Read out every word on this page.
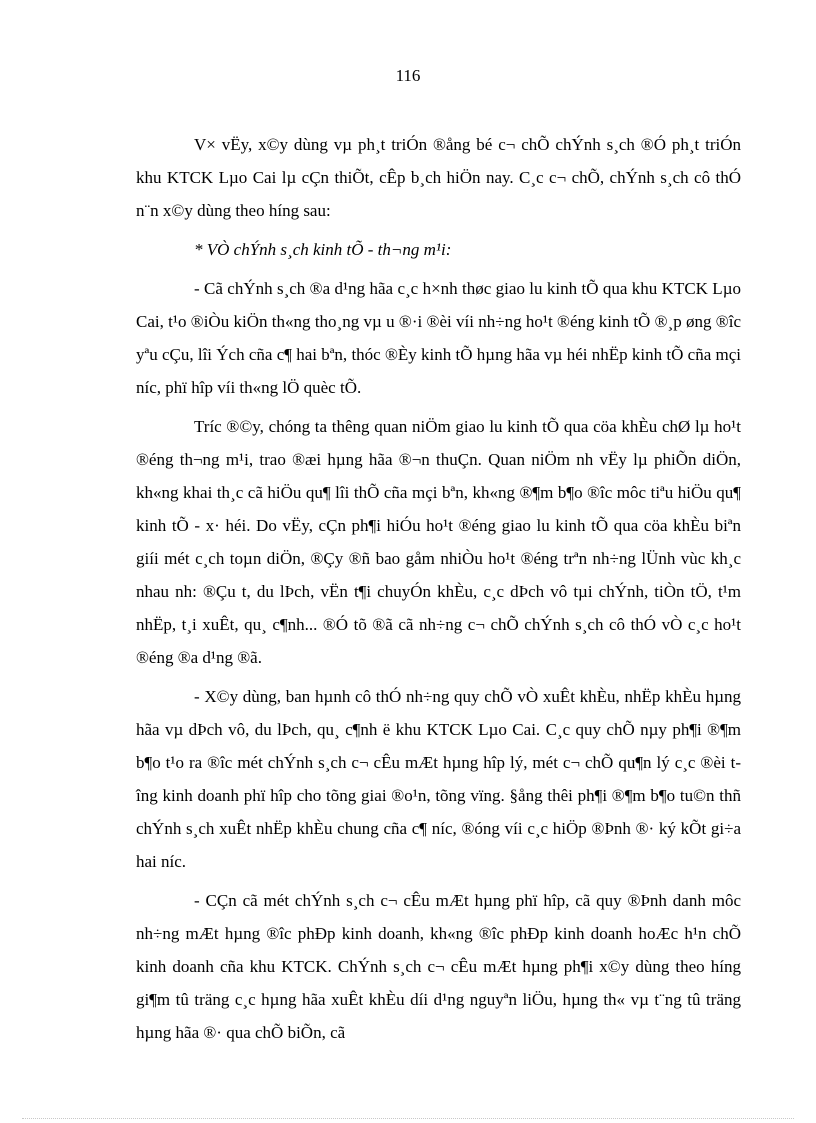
116

V× vËy, x©y dùng vµ ph¸t triÓn ®ång bé c¬ chÕ chÝnh s¸ch ®Ó ph¸t triÓn khu KTCK Lµo Cai lµ cÇn thiÕt, cÊp b¸ch hiÖn nay. C¸c c¬ chÕ, chÝnh s¸ch cô thÓ n¨n x©y dùng theo híng sau:

* VÒ chÝnh s¸ch kinh tÕ - th¬ng m¹i:

- Cã chÝnh s¸ch ®a d¹ng hãa c¸c h×nh thøc giao lu kinh tÕ qua khu KTCK Lµo Cai, t¹o ®iÒu kiÖn th«ng tho¸ng vµ u ®·i ®èi víi nh÷ng ho¹t ®éng kinh tÕ ®¸p øng ®îc yªu cÇu, lîi Ých cña c¶ hai bªn, thóc ®Èy kinh tÕ hµng hãa vµ héi nhËp kinh tÕ cña mçi níc, phï hîp víi th«ng lÖ quèc tÕ.

Tríc ®©y, chóng ta thêng quan niÖm giao lu kinh tÕ qua cöa khÈu chØ lµ ho¹t ®éng th¬ng m¹i, trao ®æi hµng hãa ®¬n thuÇn. Quan niÖm nh vËy lµ phiÕn diÖn, kh«ng khai th¸c cã hiÖu qu¶ lîi thÕ cña mçi bªn, kh«ng ®¶m b¶o ®îc môc tiªu hiÖu qu¶ kinh tÕ - x· héi. Do vËy, cÇn ph¶i hiÓu ho¹t ®éng giao lu kinh tÕ qua cöa khÈu biªn giíi mét c¸ch toµn diÖn, ®Çy ®ñ bao gåm nhiÒu ho¹t ®éng trªn nh÷ng lÜnh vùc kh¸c nhau nh: ®Çu t, du lÞch, vËn t¶i chuyÓn khÈu, c¸c dÞch vô tµi chÝnh, tiÒn tÖ, t¹m nhËp, t¸i xuÊt, qu¸ c¶nh... ®Ó tõ ®ã cã nh÷ng c¬ chÕ chÝnh s¸ch cô thÓ vÒ c¸c ho¹t ®éng ®a d¹ng ®ã.

- X©y dùng, ban hµnh cô thÓ nh÷ng quy chÕ vÒ xuÊt khÈu, nhËp khÈu hµng hãa vµ dÞch vô, du lÞch, qu¸ c¶nh ë khu KTCK Lµo Cai. C¸c quy chÕ nµy ph¶i ®¶m b¶o t¹o ra ®îc mét chÝnh s¸ch c¬ cÊu mÆt hµng hîp lý, mét c¬ chÕ qu¶n lý c¸c ®èi tîng kinh doanh phï hîp cho tõng giai ®o¹n, tõng vïng. §ång thêi ph¶i ®¶m b¶o tu©n thñ chÝnh s¸ch xuÊt nhËp khÈu chung cña c¶ níc, ®óng víi c¸c hiÖp ®Þnh ®· ký kÕt gi÷a hai níc.

- CÇn cã mét chÝnh s¸ch c¬ cÊu mÆt hµng phï hîp, cã quy ®Þnh danh môc nh÷ng mÆt hµng ®îc phÐp kinh doanh, kh«ng ®îc phÐp kinh doanh hoÆc h¹n chÕ kinh doanh cña khu KTCK. ChÝnh s¸ch c¬ cÊu mÆt hµng ph¶i x©y dùng theo híng gi¶m tû träng c¸c hµng hãa xuÊt khÈu díi d¹ng nguyªn liÖu, hµng th« vµ t¨ng tû träng hµng hãa ®· qua chÕ biÕn, cã
